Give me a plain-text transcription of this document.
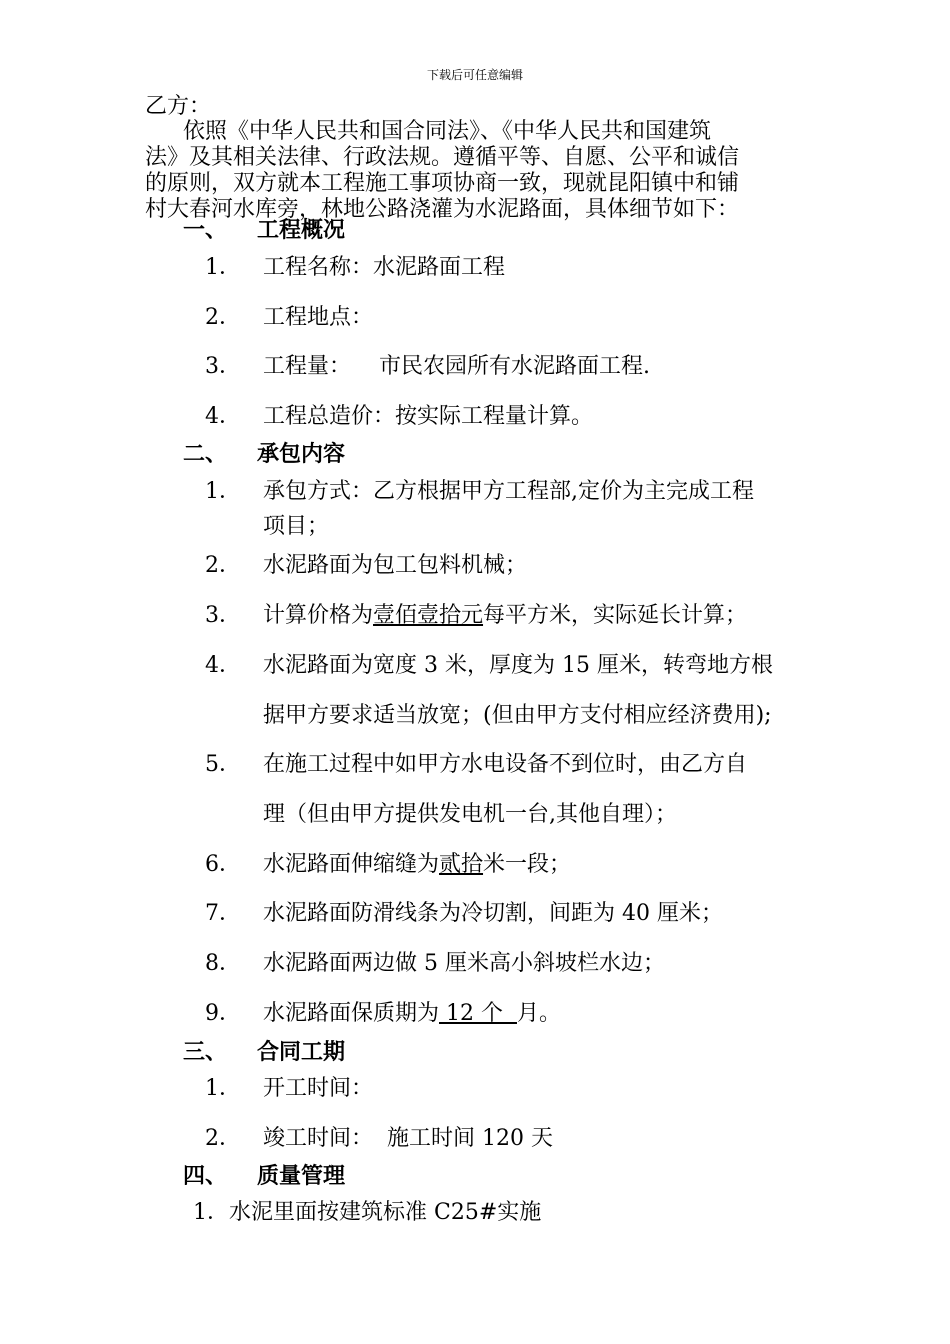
下载后可任意编辑
乙方：
依照《中华人民共和国合同法》、《中华人民共和国建筑
法》及其相关法律、行政法规。遵循平等、自愿、公平和诚信
的原则，双方就本工程施工事项协商一致，现就昆阳镇中和铺
村大春河水库旁，林地公路浇灌为水泥路面，具体细节如下：
一、 工程概况
1． 工程名称：水泥路面工程
2． 工程地点：
3． 工程量：    市民农园所有水泥路面工程.
4． 工程总造价：按实际工程量计算。
二、 承包内容
1． 承包方式：乙方根据甲方工程部,定价为主完成工程
项目；
2． 水泥路面为包工包料机械；
3． 计算价格为壹佰壹拾元每平方米，实际延长计算；
4． 水泥路面为宽度 3 米，厚度为 15 厘米，转弯地方根
据甲方要求适当放宽；(但由甲方支付相应经济费用);
5． 在施工过程中如甲方水电设备不到位时，由乙方自
理（但由甲方提供发电机一台,其他自理）；
6． 水泥路面伸缩缝为贰拾米一段；
7． 水泥路面防滑线条为冷切割，间距为 40 厘米；
8． 水泥路面两边做 5 厘米高小斜坡栏水边；
9． 水泥路面保质期为 12 个  月。
三、 合同工期
1． 开工时间：
2． 竣工时间：  施工时间 120 天
四、 质量管理
1．水泥里面按建筑标准 C25#实施
